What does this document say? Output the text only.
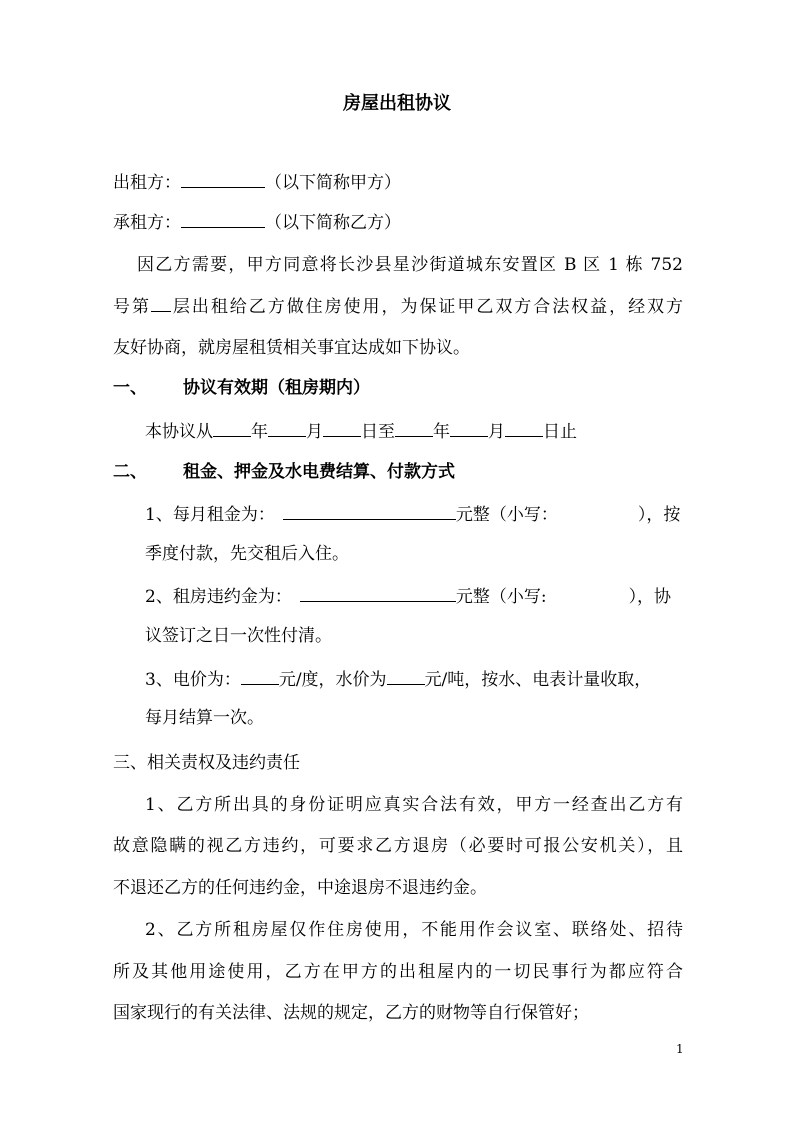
房屋出租协议
出租方：	（以下简称甲方）
承租方：	（以下简称乙方）
因乙方需要，甲方同意将长沙县星沙街道城东安置区 B 区 1 栋 752
号第 层出租给乙方做住房使用，为保证甲乙双方合法权益，经双方
友好协商，就房屋租赁相关事宜达成如下协议。
一、 协议有效期（租房期内）
本协议从 年 月 日至 年 月 日止
二、 租金、押金及水电费结算、付款方式
1、每月租金为：	元整（小写：	），按
季度付款，先交租后入住。
2、租房违约金为：	元整（小写:	），协
议签订之日一次性付清。
3、电价为： 元/度，水价为 元/吨，按水、电表计量收取，
每月结算一次。
三、相关责权及违约责任
1、乙方所出具的身份证明应真实合法有效，甲方一经查出乙方有
故意隐瞒的视乙方违约，可要求乙方退房（必要时可报公安机关），且
不退还乙方的任何违约金，中途退房不退违约金。
2、乙方所租房屋仅作住房使用，不能用作会议室、联络处、招待
所及其他用途使用，乙方在甲方的出租屋内的一切民事行为都应符合
国家现行的有关法律、法规的规定，乙方的财物等自行保管好；
1
